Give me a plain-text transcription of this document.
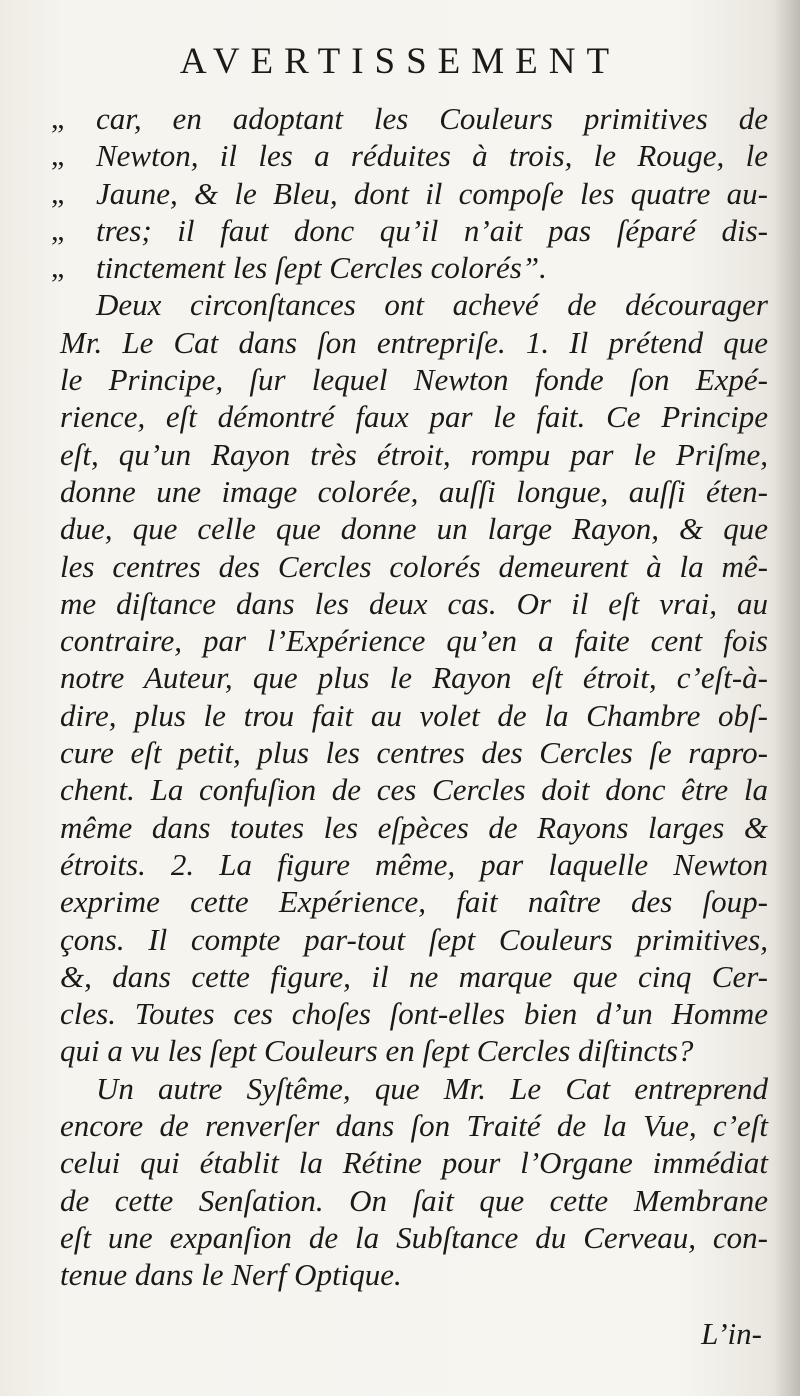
AVERTISSEMENT
„	car, en adoptant les Couleurs primitives de
„	Newton, il les a réduites à trois, le Rouge, le
„	Jaune, & le Bleu, dont il compoſe les quatre au-
„	tres; il faut donc qu’il n’ait pas ſéparé dis-
„	tinctement les ſept Cercles colorés”.
Deux circonſtances ont achevé de décourager
Mr. Le Cat dans ſon entrepriſe. 1. Il prétend que
le Principe, ſur lequel Newton fonde ſon Expé-
rience, eſt démontré faux par le fait. Ce Principe
eſt, qu’un Rayon très étroit, rompu par le Priſme,
donne une image colorée, auſſi longue, auſſi éten-
due, que celle que donne un large Rayon, & que
les centres des Cercles colorés demeurent à la mê-
me diſtance dans les deux cas. Or il eſt vrai, au
contraire, par l’Expérience qu’en a faite cent fois
notre Auteur, que plus le Rayon eſt étroit, c’eſt-à-
dire, plus le trou fait au volet de la Chambre obſ-
cure eſt petit, plus les centres des Cercles ſe rapro-
chent. La confuſion de ces Cercles doit donc être la
même dans toutes les eſpèces de Rayons larges &
étroits. 2. La figure même, par laquelle Newton
exprime cette Expérience, fait naître des ſoup-
çons. Il compte par-tout ſept Couleurs primitives,
&, dans cette figure, il ne marque que cinq Cer-
cles. Toutes ces choſes ſont-elles bien d’un Homme
qui a vu les ſept Couleurs en ſept Cercles diſtincts?
Un autre Syſtême, que Mr. Le Cat entreprend
encore de renverſer dans ſon Traité de la Vue, c’eſt
celui qui établit la Rétine pour l’Organe immédiat
de cette Senſation. On ſait que cette Membrane
eſt une expanſion de la Subſtance du Cerveau, con-
tenue dans le Nerf Optique.
L’in-
